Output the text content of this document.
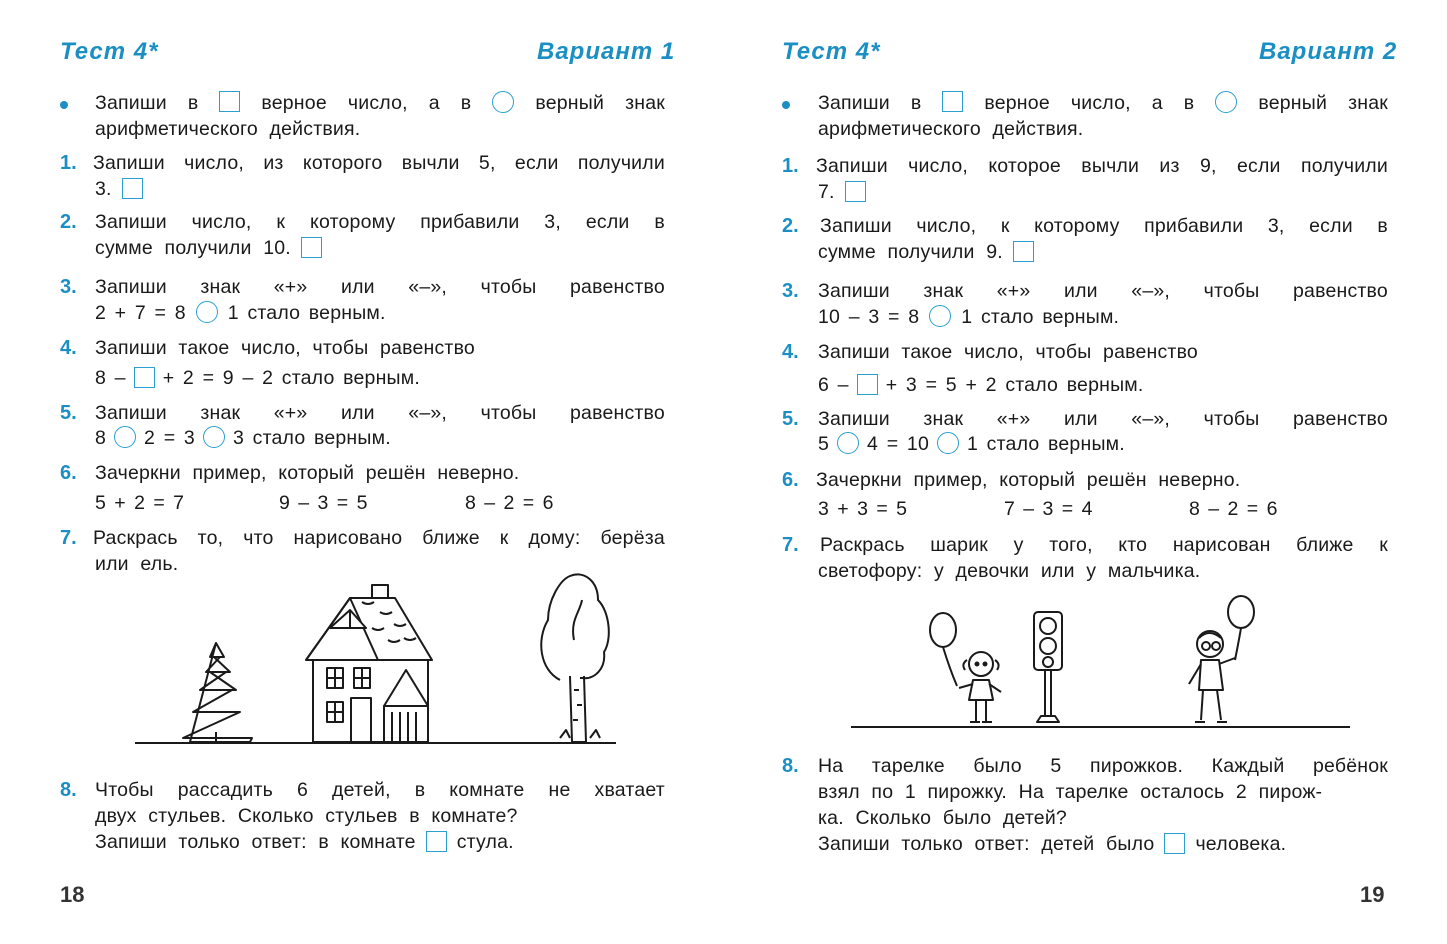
Тест 4*	Вариант 1
Запиши в	верное число, а в	верный знак
арифметического действия.
1. Запиши число, из которого вычли 5, если получили
3.
2. Запиши число, к которому прибавили 3, если в
сумме получили 10.
3. Запиши знак «+» или «–», чтобы равенство
2 + 7 = 8 1 стало верным.
4. Запиши такое число, чтобы равенство
8 – + 2 = 9 – 2 стало верным.
5. Запиши знак «+» или «–», чтобы равенство
8 2 = 3 3 стало верным.
6. Зачеркни пример, который решён неверно.
5 + 2 = 7	9 – 3 = 5	8 – 2 = 6
7. Раскрась то, что нарисовано ближе к дому: берёза
или ель.
8. Чтобы рассадить 6 детей, в комнате не хватает
двух стульев. Сколько стульев в комнате?
Запиши только ответ: в комнате стула.
18
Тест 4*	Вариант 2
Запиши в	верное число, а в	верный знак
арифметического действия.
1. Запиши число, которое вычли из 9, если получили
7.
2. Запиши число, к которому прибавили 3, если в
сумме получили 9.
3. Запиши знак «+» или «–», чтобы равенство
10 – 3 = 8 1 стало верным.
4. Запиши такое число, чтобы равенство
6 – + 3 = 5 + 2 стало верным.
5. Запиши знак «+» или «–», чтобы равенство
5 4 = 10 1 стало верным.
6. Зачеркни пример, который решён неверно.
3 + 3 = 5	7 – 3 = 4	8 – 2 = 6
7. Раскрась шарик у того, кто нарисован ближе к
светофору: у девочки или у мальчика.
8. На тарелке было 5 пирожков. Каждый ребёнок
взял по 1 пирожку. На тарелке осталось 2 пирож-
ка. Сколько было детей?
Запиши только ответ: детей было человека.
19
